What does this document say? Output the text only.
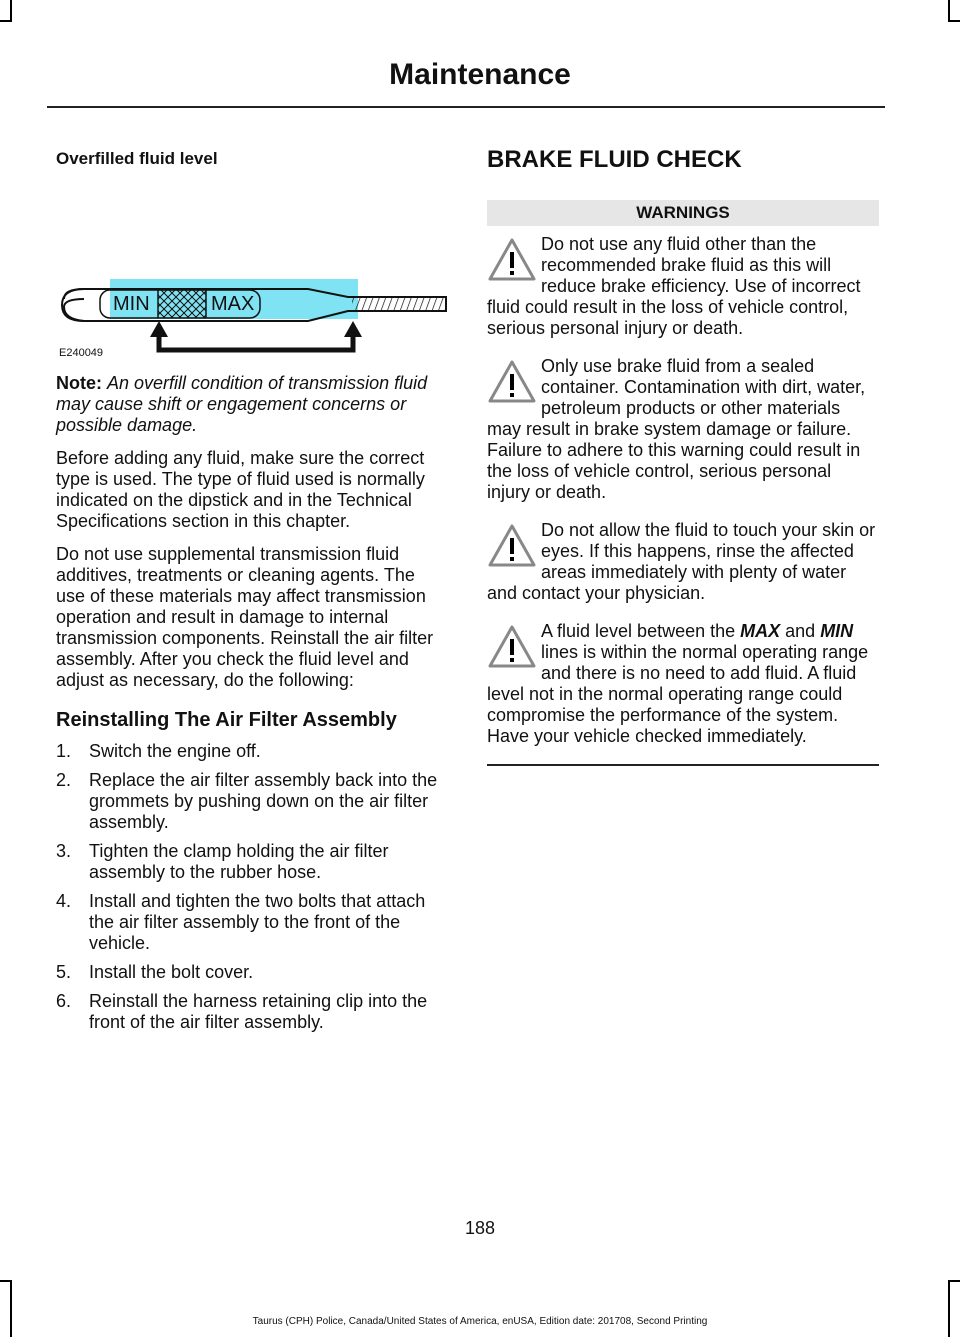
Maintenance

Overfilled fluid level

MIN	MAX
E240049

Note: An overfill condition of transmission fluid may cause shift or engagement concerns or possible damage.

Before adding any fluid, make sure the correct type is used. The type of fluid used is normally indicated on the dipstick and in the Technical Specifications section in this chapter.

Do not use supplemental transmission fluid additives, treatments or cleaning agents. The use of these materials may affect transmission operation and result in damage to internal transmission components. Reinstall the air filter assembly. After you check the fluid level and adjust as necessary, do the following:

Reinstalling The Air Filter Assembly
1. Switch the engine off.
2. Replace the air filter assembly back into the grommets by pushing down on the air filter assembly.
3. Tighten the clamp holding the air filter assembly to the rubber hose.
4. Install and tighten the two bolts that attach the air filter assembly to the front of the vehicle.
5. Install the bolt cover.
6. Reinstall the harness retaining clip into the front of the air filter assembly.
BRAKE FLUID CHECK
WARNINGS

Do not use any fluid other than the recommended brake fluid as this will reduce brake efficiency. Use of incorrect fluid could result in the loss of vehicle control, serious personal injury or death.

Only use brake fluid from a sealed container. Contamination with dirt, water, petroleum products or other materials may result in brake system damage or failure. Failure to adhere to this warning could result in the loss of vehicle control, serious personal injury or death.

Do not allow the fluid to touch your skin or eyes. If this happens, rinse the affected areas immediately with plenty of water and contact your physician.

A fluid level between the MAX and MIN lines is within the normal operating range and there is no need to add fluid. A fluid level not in the normal operating range could compromise the performance of the system. Have your vehicle checked immediately.

188
Taurus (CPH) Police, Canada/United States of America, enUSA, Edition date: 201708, Second Printing
